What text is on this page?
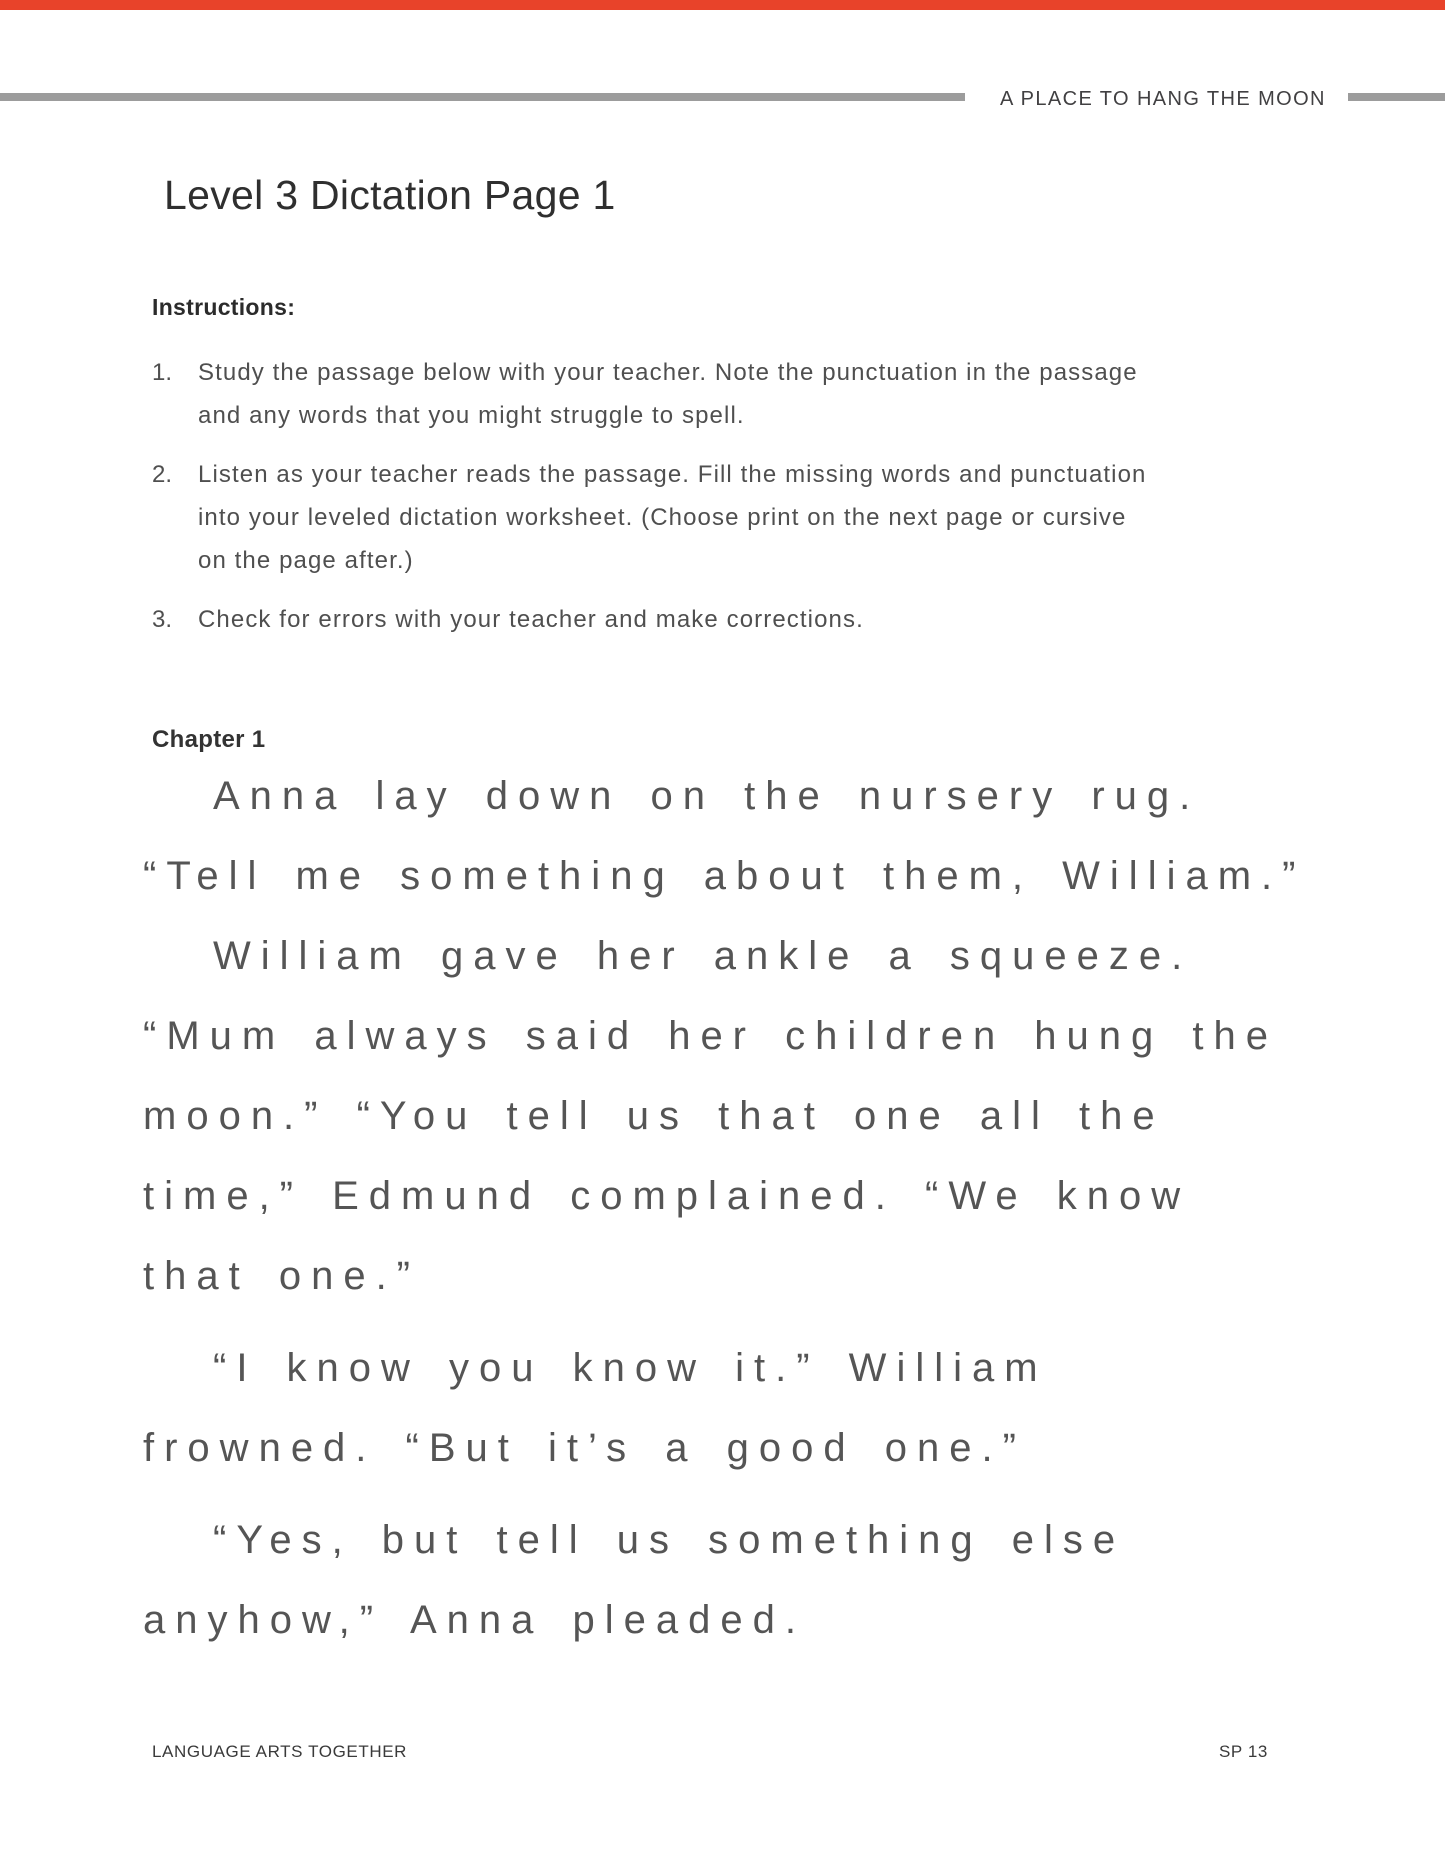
A PLACE TO HANG THE MOON
Level 3 Dictation Page 1
Instructions:
1.	Study the passage below with your teacher. Note the punctuation in the passage
and any words that you might struggle to spell.
2.	Listen as your teacher reads the passage. Fill the missing words and punctuation
into your leveled dictation worksheet. (Choose print on the next page or cursive
on the page after.)
3.	Check for errors with your teacher and make corrections.
Chapter 1
Anna lay down on the nursery rug.
“Tell me something about them, William.”
William gave her ankle a squeeze.
“Mum always said her children hung the
moon.” “You tell us that one all the
time,” Edmund complained. “We know
that one.”
“I know you know it.” William
frowned. “But it’s a good one.”
“Yes, but tell us something else
anyhow,” Anna pleaded.
LANGUAGE ARTS TOGETHER	SP 13
